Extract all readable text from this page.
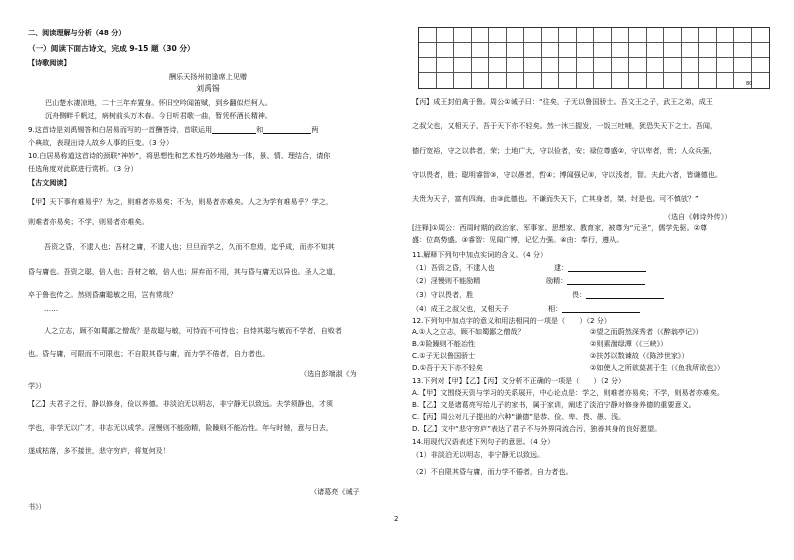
二、阅读理解与分析（48 分）
（一）阅读下面古诗文，完成 9-15 题（30 分）
【诗歌阅读】
酬乐天扬州初逢席上见赠
刘禹锡
巴山楚水凄凉地，二十三年弃置身。怀旧空吟闻笛赋，到乡翻似烂柯人。
沉舟侧畔千帆过，病树前头万木春。今日听君歌一曲，暂凭杯酒长精神。
9.这首诗是刘禹锡答和白居易而写的一首酬答诗，首联运用	和	两
个典故，表现出诗人故乡人事的巨变。（3 分）
10.白居易称道这首诗的颈联“神妙”，将思想性和艺术性巧妙地融为一体，景、情、理结合，请你
任选角度对此联进行赏析。（3 分）
【古文阅读】
【甲】天下事有难易乎？为之，则难者亦易矣；不为，则易者亦难矣。人之为学有难易乎？学之，
则难者亦易矣；不学，则易者亦难矣。
吾资之昏，不逮人也；吾材之庸，不逮人也；旦旦而学之，久而不怠焉，迄乎成，而亦不知其
昏与庸也。吾资之聪，倍人也；吾材之敏，倍人也；屏弃而不用，其与昏与庸无以异也。圣人之道，
卒于鲁也传之。然则昏庸聪敏之用，岂有常哉？
……
人之立志，顾不如蜀鄙之僧哉？是故聪与敏，可恃而不可恃也；自恃其聪与敏而不学者，自败者
也。昏与庸，可限而不可限也；不自限其昏与庸，而力学不倦者，自力者也。
（选自彭端淑《为
学》）
【乙】夫君子之行，静以修身，俭以养德。非淡泊无以明志，非宁静无以致远。夫学须静也，才须
学也，非学无以广才，非志无以成学。淫慢则不能励精，险躁则不能冶性。年与时驰，意与日去，
遂成枯落，多不接世，悲守穷庐，将复何及！
（诸葛亮《诫子
书》）
80
【丙】成王封伯禽于鲁。周公①诫子曰：“往矣，子无以鲁国骄士。吾文王之子，武王之弟，成王
之叔父也，又相天子，吾于天下亦不轻矣。然一沐三握发，一饭三吐哺，犹恐失天下之士。吾闻，
德行宽裕，守之以恭者，荣；土地广大，守以俭者，安；禄位尊盛②，守以卑者，贵；人众兵强，
守以畏者，胜；聪明睿智③，守以愚者，哲④；博闻强记⑤，守以浅者，智。夫此六者，皆谦德也。
夫贵为天子，富有四海，由③此德也。不谦而失天下，亡其身者，桀、纣是也。可不慎欤？”
（选自《韩诗外传》）
[注释]①周公：西周时期的政治家、军事家、思想家、教育家，被尊为“元圣”，儒学先驱。②尊
盛：位高势盛。③睿智：见闻广博，记忆力强。④由：奉行，遵从。
11.解释下列句中加点实词的含义。（4 分）
（1）吾资之昏，不逮人也	逮：
（2）淫慢则不能励精	励精：
（3）守以畏者，胜	畏：
（4）成王之叔父也，又相天子	相：
12.下列句中加点字的意义和用法相同的一项是（　　）（2 分）
A.①人之立志，顾不如蜀鄙之僧哉？	②望之而蔚然深秀者（《醉翁亭记》）
B.①险躁则不能冶性	②则素湍绿潭（《三峡》）
C.①子无以鲁国骄士	②扶苏以数谏故（《陈涉世家》）
D.①吾于天下亦不轻矣	②如使人之所欲莫甚于生（《鱼我所欲也》）
13.下列对【甲】【乙】【丙】文分析不正确的一项是（　　）（2 分）
A.【甲】文围绕天资与学习的关系展开，中心论点是：学之，则难者亦易矣；不学，则易者亦难矣。
B.【乙】文是诸葛亮写给儿子的家书，属于家训，阐述了淡泊宁静对修身养德的重要意义。
C.【丙】周公对儿子提出的六种“谦德”是恭、俭、卑、畏、愚、浅。
D.【乙】文中“悲守穷庐”表达了君子不与外界同流合污，独善其身的良好愿望。
14.用现代汉语表述下列句子的意思。（4 分）
（1）非淡泊无以明志，非宁静无以致远。
（2）不自限其昏与庸，而力学不倦者，自力者也。
2
